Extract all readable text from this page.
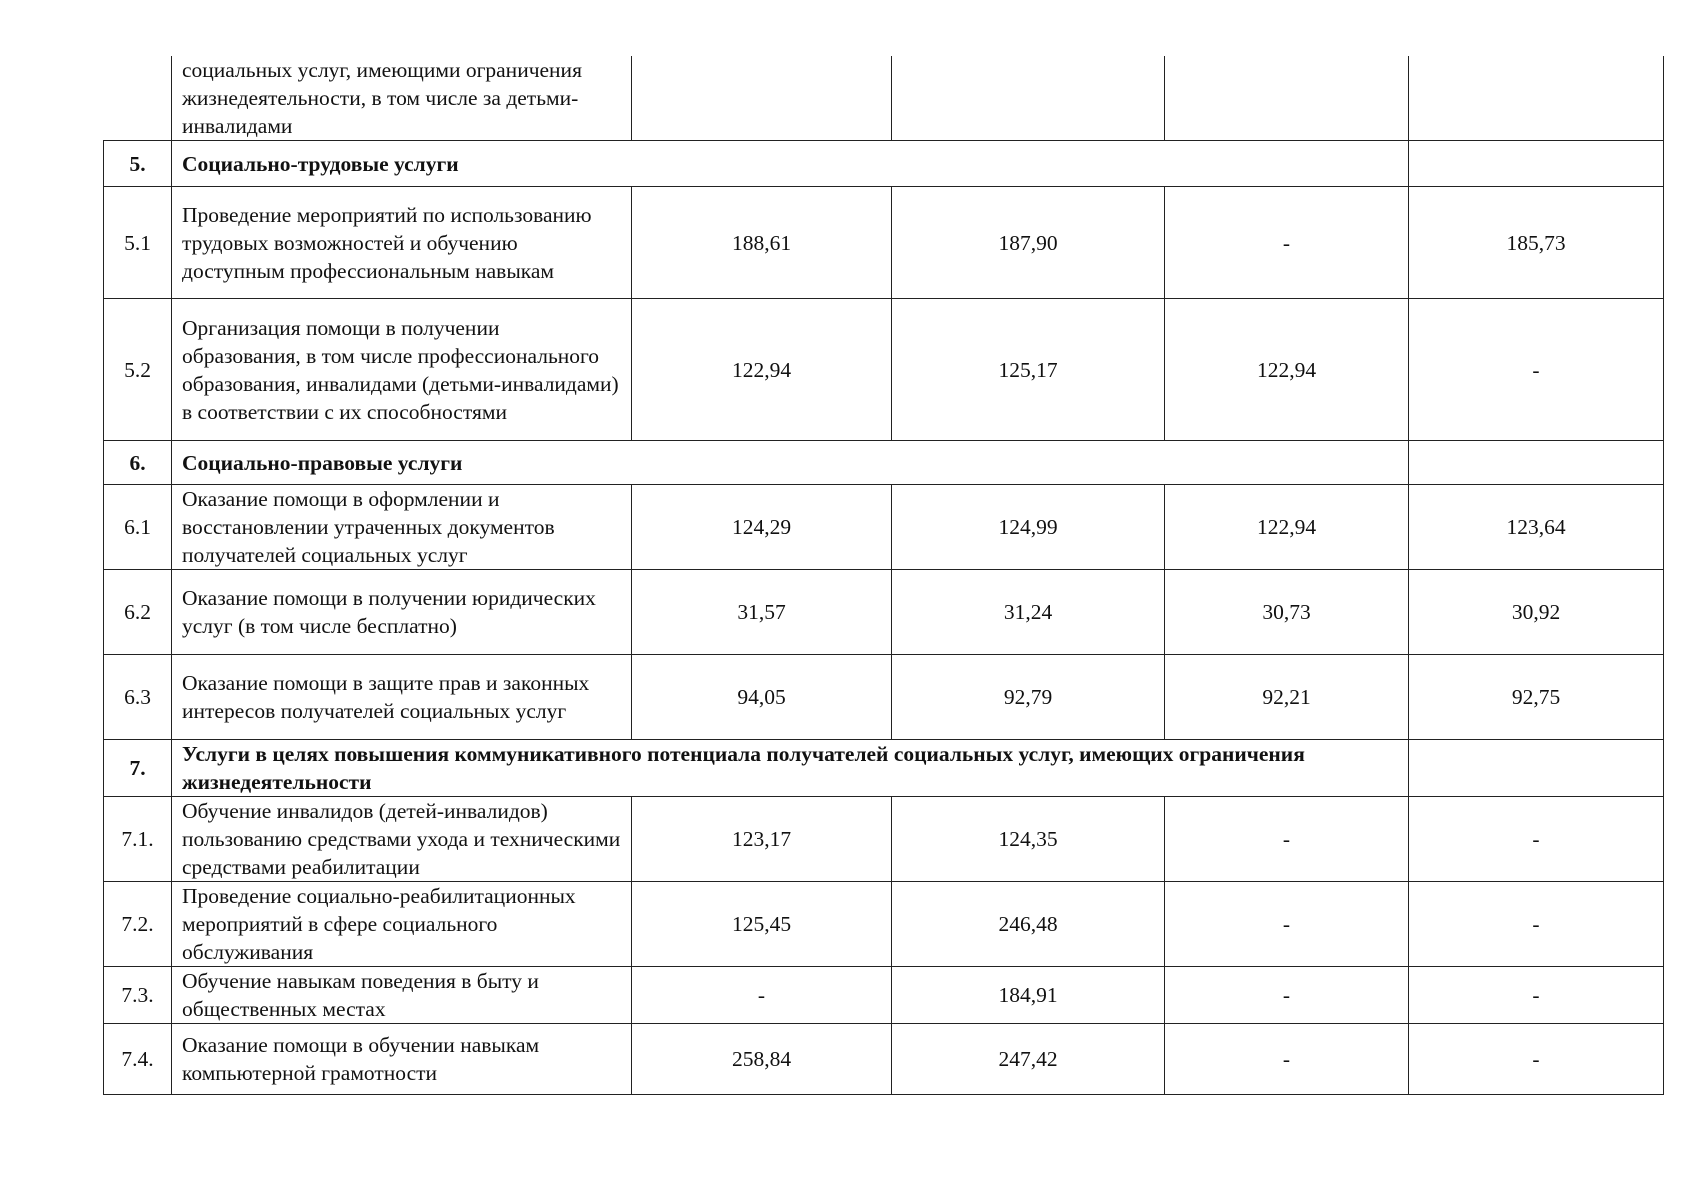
	социальных услуг, имеющими ограничения жизнедеятельности, в том числе за детьми-инвалидами				
5.	Социально-трудовые услуги				
5.1	Проведение мероприятий по использованию трудовых возможностей и обучению доступным профессиональным навыкам	188,61	187,90	-	185,73
5.2	Организация помощи в получении образования, в том числе профессионального образования, инвалидами (детьми-инвалидами) в соответствии с их способностями	122,94	125,17	122,94	-
6.	Социально-правовые услуги				
6.1	Оказание помощи в оформлении и восстановлении утраченных документов получателей социальных услуг	124,29	124,99	122,94	123,64
6.2	Оказание помощи в получении юридических услуг (в том числе бесплатно)	31,57	31,24	30,73	30,92
6.3	Оказание помощи в защите прав и законных интересов получателей социальных услуг	94,05	92,79	92,21	92,75
7.	Услуги в целях повышения коммуникативного потенциала получателей социальных услуг, имеющих ограничения жизнедеятельности				
7.1.	Обучение инвалидов (детей-инвалидов) пользованию средствами ухода и техническими средствами реабилитации	123,17	124,35	-	-
7.2.	Проведение социально-реабилитационных мероприятий в сфере социального обслуживания	125,45	246,48	-	-
7.3.	Обучение навыкам поведения в быту и общественных местах	-	184,91	-	-
7.4.	Оказание помощи в обучении навыкам компьютерной грамотности	258,84	247,42	-	-
